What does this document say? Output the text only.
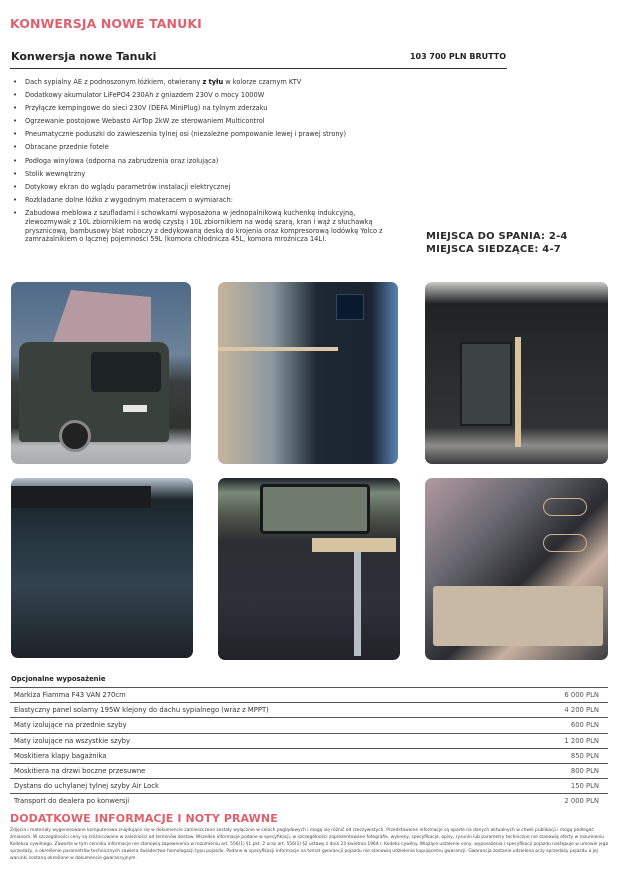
KONWERSJA NOWE TANUKI
Konwersja nowe Tanuki	103 700 PLN BRUTTO
• Dach sypialny AE z podnoszonym łóżkiem, otwierany z tyłu w kolorze czarnym KTV
• Dodatkowy akumulator LiFePO4 230Ah z gniazdem 230V o mocy 1000W
• Przyłącze kempingowe do sieci 230V (DEFA MiniPlug) na tylnym zderzaku
• Ogrzewanie postojowe Webasto AirTop 2kW ze sterowaniem Multicontrol
• Pneumatyczne poduszki do zawieszenia tylnej osi (niezależne pompowanie lewej i prawej strony)
• Obracane przednie fotele
• Podłoga winylowa (odporna na zabrudzenia oraz izolująca)
• Stolik wewnętrzny
• Dotykowy ekran do wglądu parametrów instalacji elektrycznej
• Rozkładane dolne łóżko z wygodnym materacem o wymiarach:
• Zabudowa meblowa z szufladami i schowkami wyposażona w jednopalnikową kuchenkę indukcyjną, zlewozmywak z 10L zbiornikiem na wodę czystą i 10L zbiornikiem na wodę szarą, kran i wąż z słuchawką prysznicową, bambusowy blat roboczy z dedykowaną deską do krojenia oraz kompresorową lodówkę Yolco z zamrażalnikiem o łącznej pojemności 59L (komora chłodnicza 45L, komora mroźnicza 14L).	MIEJSCA DO SPANIA: 2-4
MIEJSCA SIEDZĄCE: 4-7
Opcjonalne wyposażenie
Markiza Fiamma F43 VAN 270cm	6 000 PLN
Elastyczny panel solarny 195W klejony do dachu sypialnego (wraz z MPPT)	4 200 PLN
Maty izolujące na przednie szyby	600 PLN
Maty izolujące na wszystkie szyby	1 200 PLN
Moskitiera klapy bagażnika	850 PLN
Moskitiera na drzwi boczne przesuwne	800 PLN
Dystans do uchylanej tylnej szyby Air Lock	150 PLN
Transport do dealera po konwersji	2 000 PLN
DODATKOWE INFORMACJE I NOTY PRAWNE
Zdjęcia i materiały wygenerowane komputerowo znajdujące się w dokumencie zamieszczone zostały wyłącznie w celach poglądowych i mogą się różnić od rzeczywistych. Przedstawione informacje są oparte na danych aktualnych w chwili publikacji i mogą podlegać zmianom. W szczególności ceny są zróżnicowane w zależności od terminów dostaw. Wszelkie informacje podane w specyfikacji, w szczególności zaprezentowane fotografie, wykresy, specyfikacje, opisy, rysunki lub parametry techniczne nie stanowią oferty w rozumieniu Kodeksu cywilnego. Zawarte w tym cenniku informacje nie stanowią zapewnienia w rozumieniu art. 556(1) §1 pkt. 2 oraz art. 556(1) §2 ustawy z dnia 23 kwietnia 1964 r. Kodeks cywilny. Wiążące ustalenie ceny, wyposażenia i specyfikacji pojazdu następuje w umowie jego sprzedaży, a określenie parametrów technicznych zawiera świadectwo homologacji typu pojazdu. Podane w specyfikacji informacje na temat gwarancji pojazdu nie stanowią udzielenia kupującemu gwarancji. Gwarancja zostanie udzielona przy sprzedaży pojazdu a jej warunki zostaną określone w dokumencie gwarancyjnym.
